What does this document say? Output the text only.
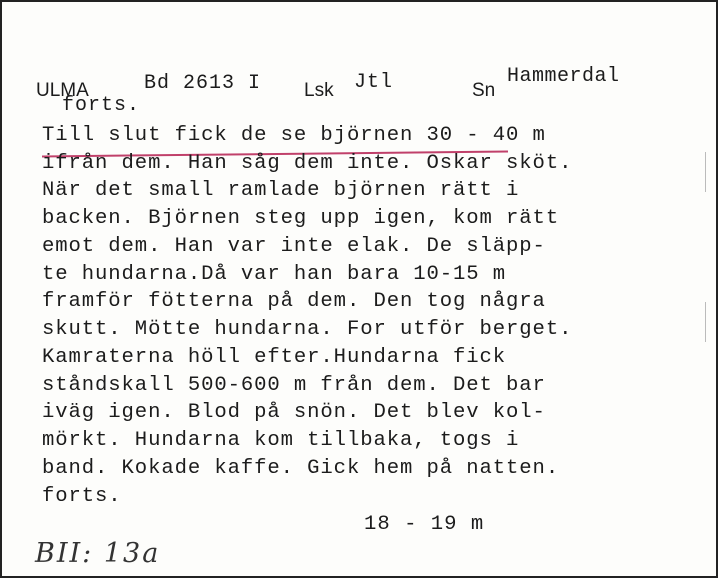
ULMA	Bd 2613 I Lsk Jtl	Sn
Hammerdal
forts.
Till slut fick de se björnen 30 - 40 m
ifrån dem. Han såg dem inte. Oskar sköt.
När det small ramlade björnen rätt i
backen. Björnen steg upp igen, kom rätt
emot dem. Han var inte elak. De släpp-
te hundarna.Då var han bara 10-15 m
framför fötterna på dem. Den tog några
skutt. Mötte hundarna. For utför berget.
Kamraterna höll efter.Hundarna fick
ståndskall 500-600 m från dem. Det bar
iväg igen. Blod på snön. Det blev kol-
mörkt. Hundarna kom tillbaka, togs i
band. Kokade kaffe. Gick hem på natten.
forts.
18 - 19 m
BII: 13a
